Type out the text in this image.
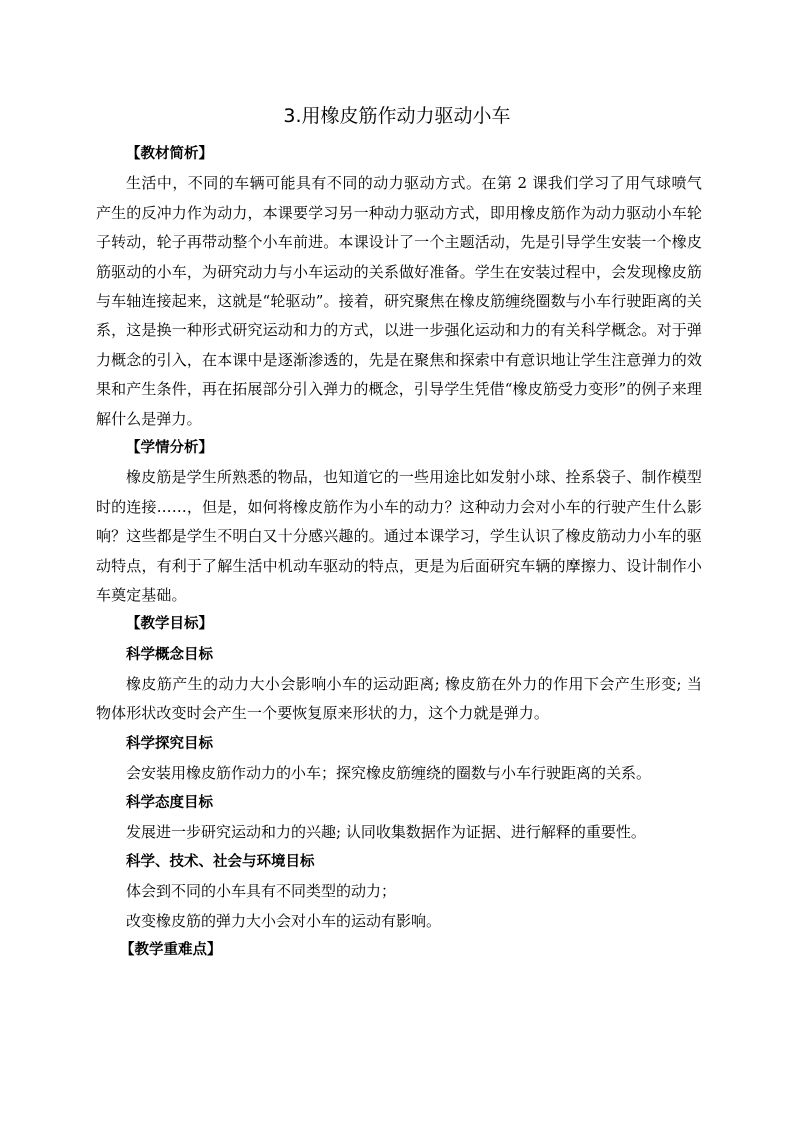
3.用橡皮筋作动力驱动小车
【教材简析】

生活中，不同的车辆可能具有不同的动力驱动方式。在第 2 课我们学习了用气球喷气产生的反冲力作为动力，本课要学习另一种动力驱动方式，即用橡皮筋作为动力驱动小车轮子转动，轮子再带动整个小车前进。本课设计了一个主题活动，先是引导学生安装一个橡皮筋驱动的小车，为研究动力与小车运动的关系做好准备。学生在安装过程中，会发现橡皮筋与车轴连接起来，这就是“轮驱动”。接着，研究聚焦在橡皮筋缠绕圈数与小车行驶距离的关系，这是换一种形式研究运动和力的方式，以进一步强化运动和力的有关科学概念。对于弹力概念的引入，在本课中是逐渐渗透的，先是在聚焦和探索中有意识地让学生注意弹力的效果和产生条件，再在拓展部分引入弹力的概念，引导学生凭借“橡皮筋受力变形”的例子来理解什么是弹力。

【学情分析】

橡皮筋是学生所熟悉的物品，也知道它的一些用途比如发射小球、拴系袋子、制作模型时的连接……，但是，如何将橡皮筋作为小车的动力？这种动力会对小车的行驶产生什么影响？这些都是学生不明白又十分感兴趣的。通过本课学习，学生认识了橡皮筋动力小车的驱动特点，有利于了解生活中机动车驱动的特点，更是为后面研究车辆的摩擦力、设计制作小车奠定基础。

【教学目标】
科学概念目标

橡皮筋产生的动力大小会影响小车的运动距离; 橡皮筋在外力的作用下会产生形变; 当物体形状改变时会产生一个要恢复原来形状的力，这个力就是弹力。

科学探究目标

会安装用橡皮筋作动力的小车；探究橡皮筋缠绕的圈数与小车行驶距离的关系。

科学态度目标

发展进一步研究运动和力的兴趣; 认同收集数据作为证据、进行解释的重要性。

科学、技术、社会与环境目标

体会到不同的小车具有不同类型的动力；

改变橡皮筋的弹力大小会对小车的运动有影响。

【教学重难点】
